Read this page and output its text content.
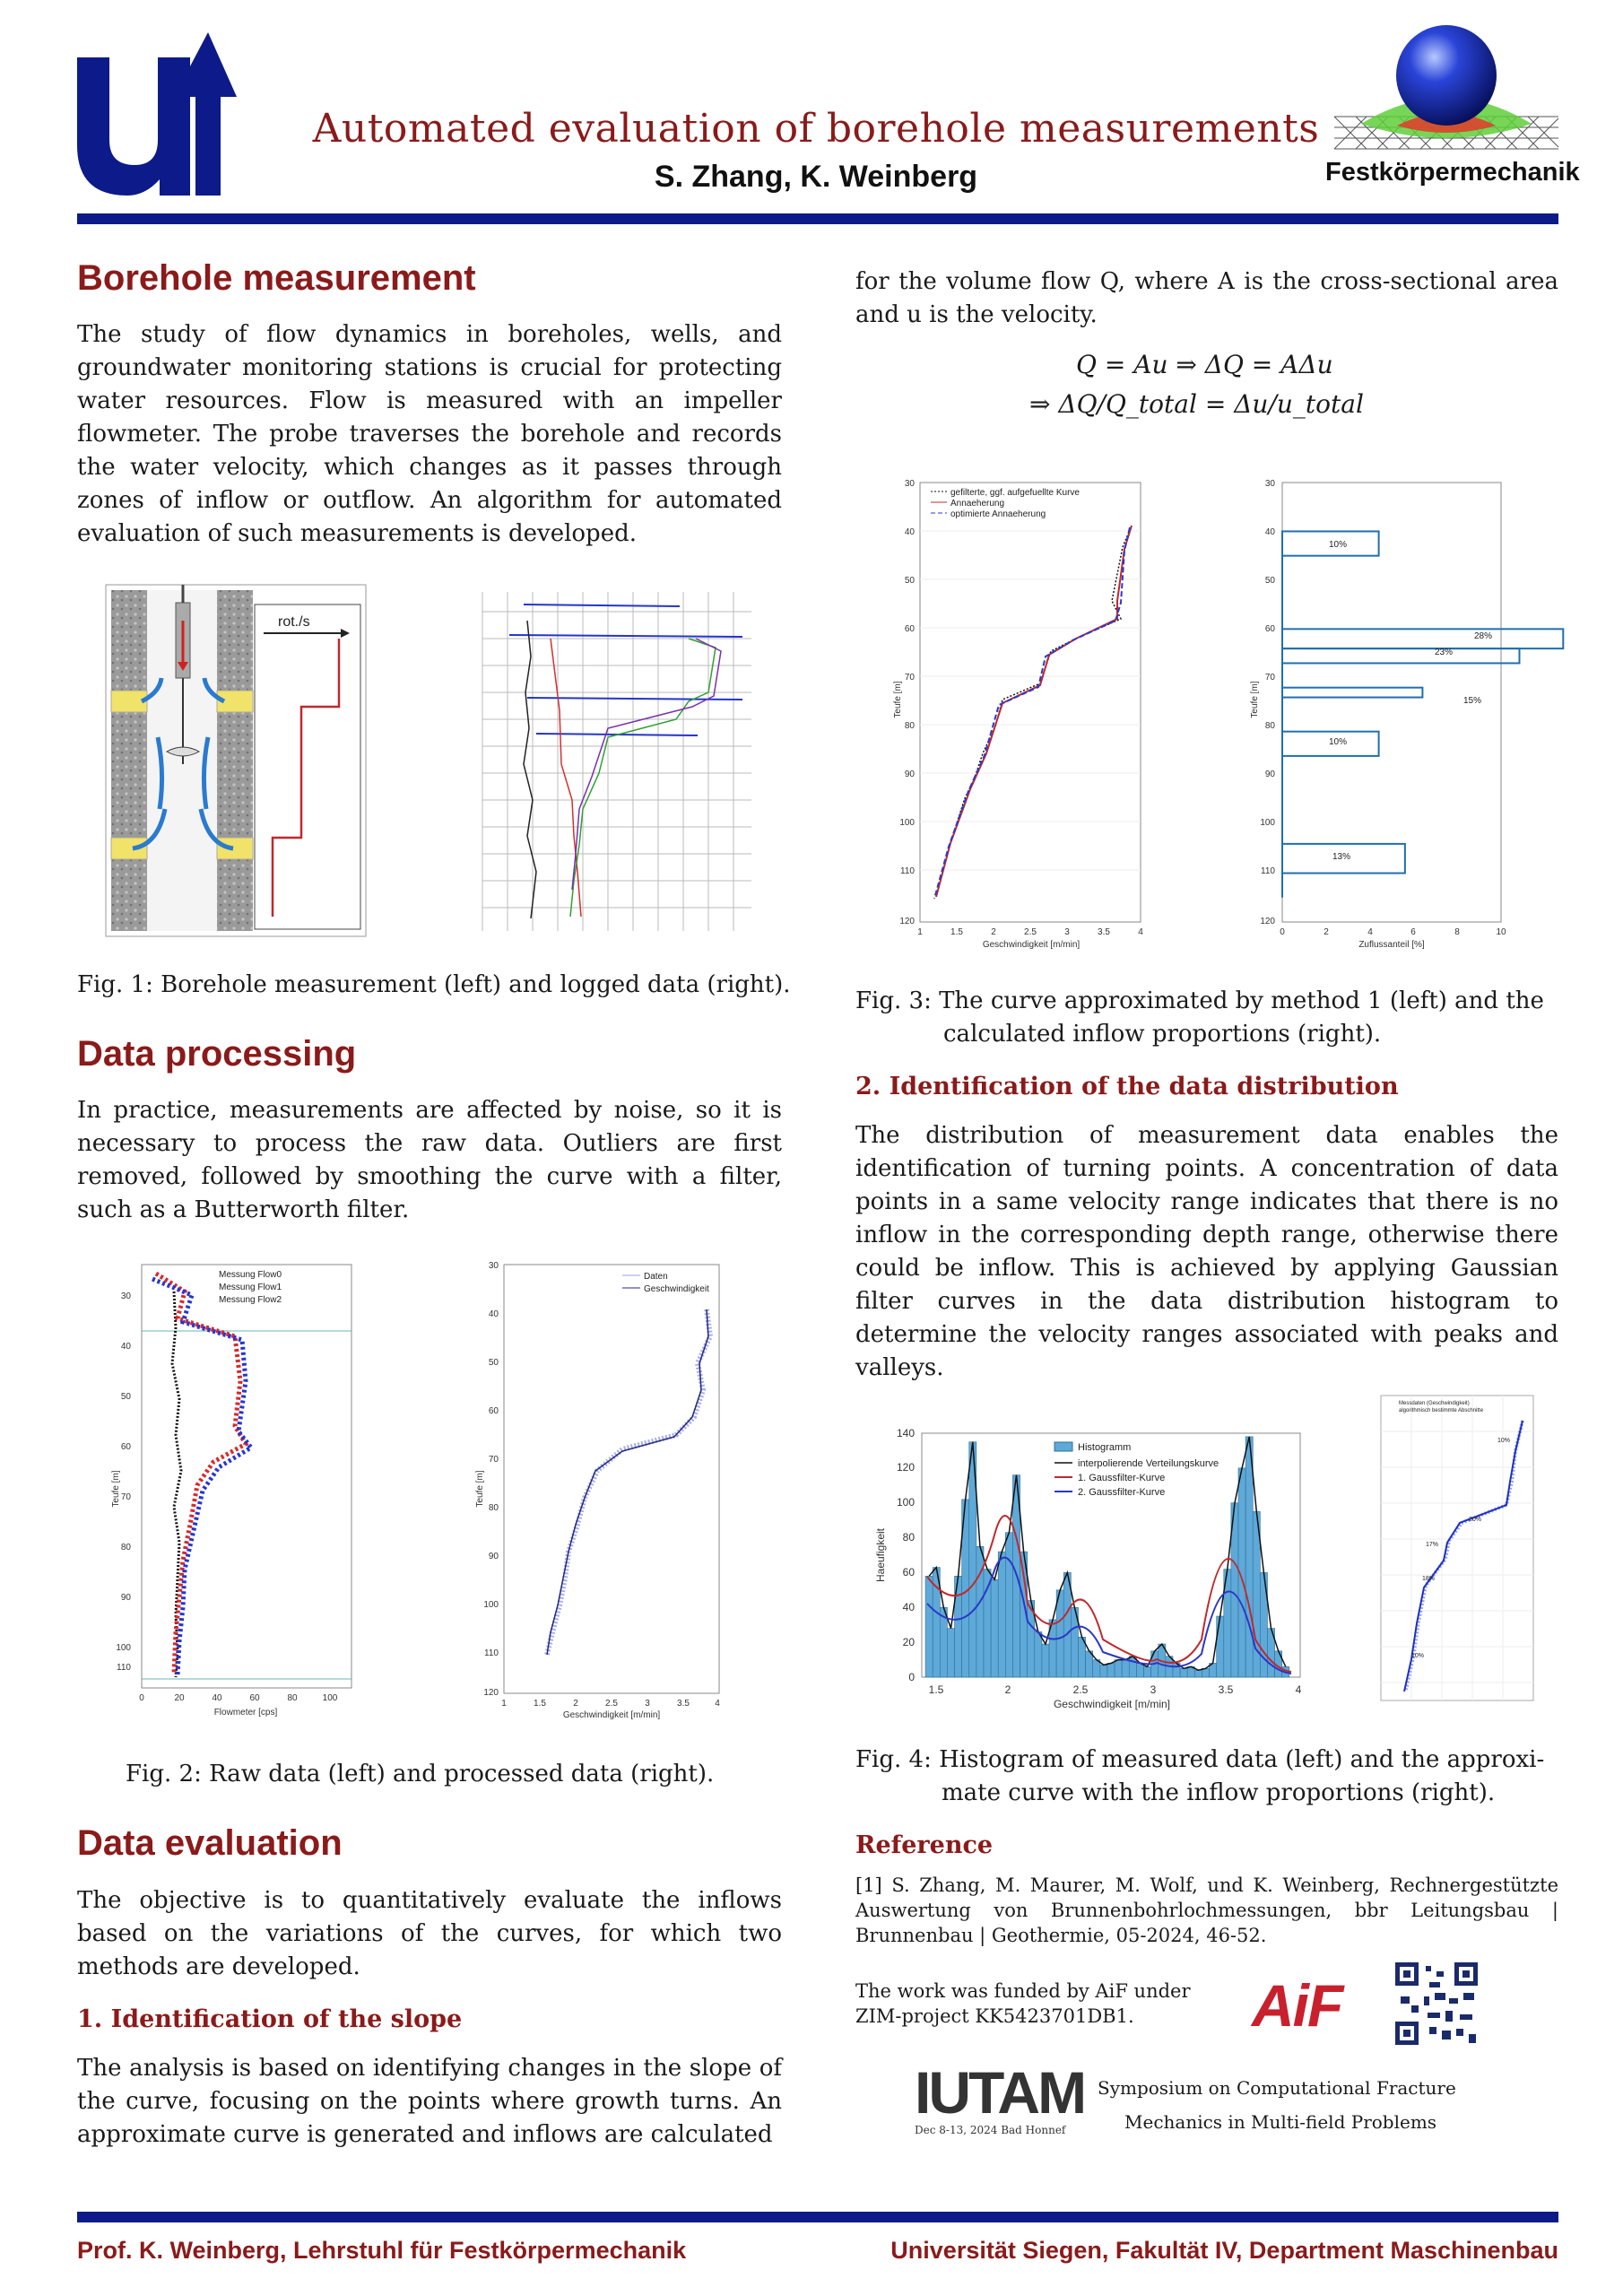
Automated evaluation of borehole measurements
S. Zhang, K. Weinberg	Festkörpermechanik
Borehole measurement
The study of flow dynamics in boreholes, wells, and groundwater monitoring stations is crucial for protecting water resources. Flow is measured with an impeller flowmeter. The probe traverses the borehole and records the water velocity, which changes as it passes through zones of inflow or outflow. An algorithm for automated evaluation of such measurements is developed.
rot./s
Fig. 1: Borehole measurement (left) and logged data (right).
Data processing
In practice, measurements are affected by noise, so it is necessary to process the raw data. Outliers are first removed, followed by smoothing the curve with a filter, such as a Butterworth filter.
30
40
50
60
70
80
90
100
110
0	20	40	60	80	100
Flowmeter [cps]
Teufe [m]
Messung Flow0
Messung Flow1
Messung Flow2
30
40
50
60
70
80
90
100
110
120
1	1.5	2	2.5	3	3.5	4
Geschwindigkeit [m/min]
Teufe [m]
Daten
Geschwindigkeit
Fig. 2: Raw data (left) and processed data (right).
Data evaluation
The objective is to quantitatively evaluate the inflows based on the variations of the curves, for which two methods are developed.
1. Identification of the slope
The analysis is based on identifying changes in the slope of the curve, focusing on the points where growth turns. An approximate curve is generated and inflows are calculated
for the volume flow Q, where A is the cross-sectional area and u is the velocity.
Q = Au ⇒ ΔQ = AΔu
⇒ ΔQ/Q_total = Δu/u_total
30
40
50
60
70
80
90
100
110
120
1	1.5	2	2.5	3	3.5	4
Geschwindigkeit [m/min]
Teufe [m]
gefilterte, ggf. aufgefuellte Kurve
Annaeherung
optimierte Annaeherung
30
40
50
60
70
80
90
100
110
120
0	2	4	6	8	10
Zuflussanteil [%]
Teufe [m]
10%
28%
23%
15%
10%
13%
Fig. 3: The curve approximated by method 1 (left) and the
calculated inflow proportions (right).
2. Identification of the data distribution
The distribution of measurement data enables the identification of turning points. A concentration of data points in a same velocity range indicates that there is no inflow in the corresponding depth range, otherwise there could be inflow. This is achieved by applying Gaussian filter curves in the data distribution histogram to determine the velocity ranges associated with peaks and valleys.
0
20
40
60
80
100
120
140
1.5	2	2.5	3	3.5	4
Geschwindigkeit [m/min]
Haeufigkeit
Histogramm
interpolierende Verteilungskurve
1. Gaussfilter-Kurve
2. Gaussfilter-Kurve
Messdaten (Geschwindigkeit)
algorithmisch bestimmte Abschnitte
10%
17%
20%
18%
10%
Fig. 4: Histogram of measured data (left) and the approxi-
mate curve with the inflow proportions (right).
Reference
[1] S. Zhang, M. Maurer, M. Wolf, und K. Weinberg, Rechnergestützte Auswertung von Brunnenbohrlochmessungen, bbr Leitungsbau | Brunnenbau | Geothermie, 05-2024, 46-52.
The work was funded by AiF under
ZIM-project KK5423701DB1. AiF
IUTAM
Dec 8-13, 2024 Bad Honnef
Symposium on Computational Fracture
Mechanics in Multi-field Problems
Prof. K. Weinberg, Lehrstuhl für Festkörpermechanik	Universität Siegen, Fakultät IV, Department Maschinenbau
